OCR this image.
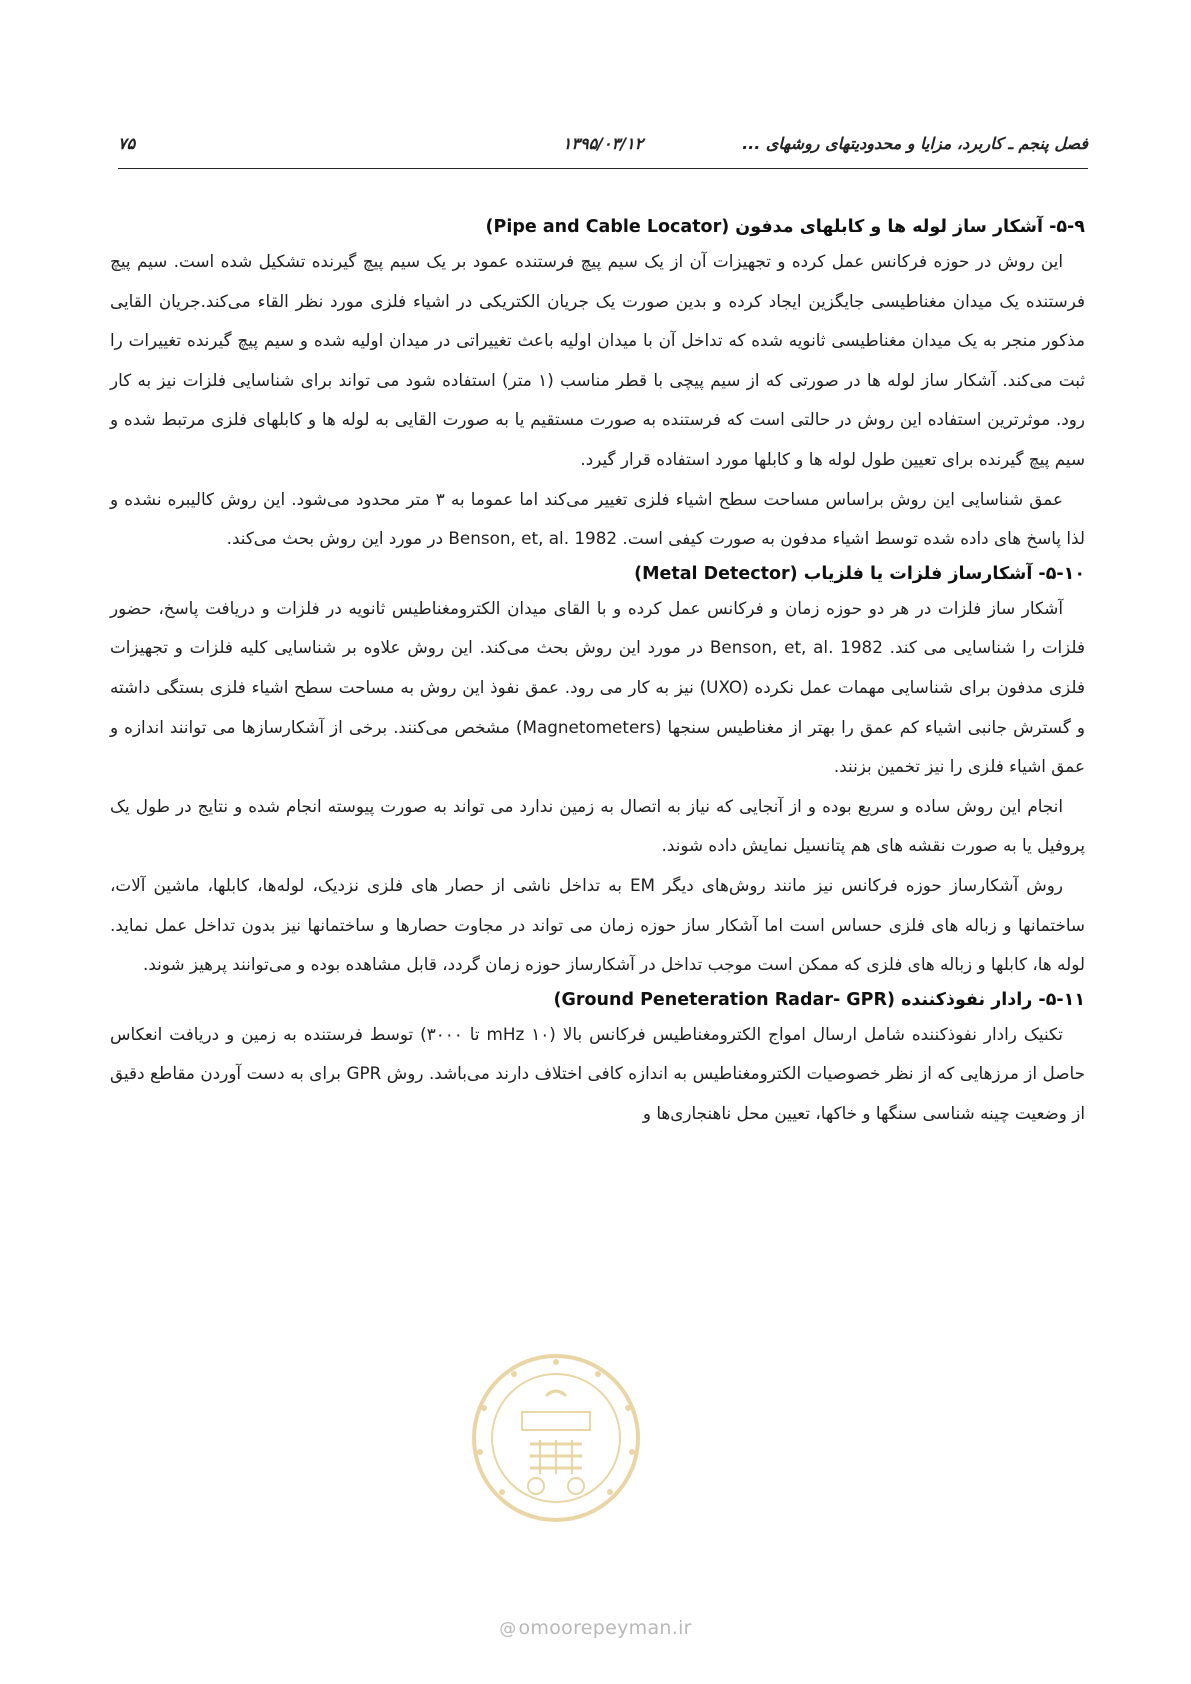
فصل پنجم ـ کاربرد، مزایا و محدودیتهای روشهای ...
۱۳۹۵/۰۳/۱۲
۷۵
۵-۹- آشکار ساز لوله ها و کابلهای مدفون (Pipe and Cable Locator)

این روش در حوزه فرکانس عمل کرده و تجهیزات آن از یک سیم پیچ فرستنده عمود بر یک سیم پیچ گیرنده تشکیل شده است. سیم پیچ فرستنده یک میدان مغناطیسی جایگزین ایجاد کرده و بدین صورت یک جریان الکتریکی در اشیاء فلزی مورد نظر القاء می‌کند.جریان القایی مذکور منجر به یک میدان مغناطیسی ثانویه شده که تداخل آن با میدان اولیه باعث تغییراتی در میدان اولیه شده و سیم پیچ گیرنده تغییرات را ثبت می‌کند. آشکار ساز لوله ها در صورتی که از سیم پیچی با قطر مناسب (۱ متر) استفاده شود می تواند برای شناسایی فلزات نیز به کار رود. موثرترین استفاده این روش در حالتی است که فرستنده به صورت مستقیم یا به صورت القایی به لوله ها و کابلهای فلزی مرتبط شده و سیم پیچ گیرنده برای تعیین طول لوله ها و کابلها مورد استفاده قرار گیرد.

عمق شناسایی این روش براساس مساحت سطح اشیاء فلزی تغییر می‌کند اما عموما به ۳ متر محدود می‌شود. این روش کالیبره نشده و لذا پاسخ های داده شده توسط اشیاء مدفون به صورت کیفی است. Benson, et, al. 1982 در مورد این روش بحث می‌کند.

۵-۱۰- آشکارساز فلزات یا فلزیاب (Metal Detector)

آشکار ساز فلزات در هر دو حوزه زمان و فرکانس عمل کرده و با القای میدان الکترومغناطیس ثانویه در فلزات و دریافت پاسخ، حضور فلزات را شناسایی می کند. Benson, et, al. 1982 در مورد این روش بحث می‌کند. این روش علاوه بر شناسایی کلیه فلزات و تجهیزات فلزی مدفون برای شناسایی مهمات عمل نکرده (UXO) نیز به کار می رود. عمق نفوذ این روش به مساحت سطح اشیاء فلزی بستگی داشته و گسترش جانبی اشیاء کم عمق را بهتر از مغناطیس سنجها (Magnetometers) مشخص می‌کنند. برخی از آشکارسازها می توانند اندازه و عمق اشیاء فلزی را نیز تخمین بزنند.

انجام این روش ساده و سریع بوده و از آنجایی که نیاز به اتصال به زمین ندارد می تواند به صورت پیوسته انجام شده و نتایج در طول یک پروفیل یا به صورت نقشه های هم پتانسیل نمایش داده شوند.

روش آشکارساز حوزه فرکانس نیز مانند روش‌های دیگر EM به تداخل ناشی از حصار های فلزی نزدیک، لوله‌ها، کابلها، ماشین آلات، ساختمانها و زباله های فلزی حساس است اما آشکار ساز حوزه زمان می تواند در مجاوت حصارها و ساختمانها نیز بدون تداخل عمل نماید. لوله ها، کابلها و زباله های فلزی که ممکن است موجب تداخل در آشکارساز حوزه زمان گردد، قابل مشاهده بوده و می‌توانند پرهیز شوند.

۵-۱۱- رادار نفوذکننده (Ground Peneteration Radar- GPR)

تکنیک رادار نفوذکننده شامل ارسال امواج الکترومغناطیس فرکانس بالا (۱۰ mHz تا ۳۰۰۰) توسط فرستنده به زمین و دریافت انعکاس حاصل از مرزهایی که از نظر خصوصیات الکترومغناطیس به اندازه کافی اختلاف دارند می‌باشد. روش GPR برای به دست آوردن مقاطع دقیق از وضعیت چینه شناسی سنگها و خاکها، تعیین محل ناهنجاری‌ها و

@ omoorepeyman.ir
